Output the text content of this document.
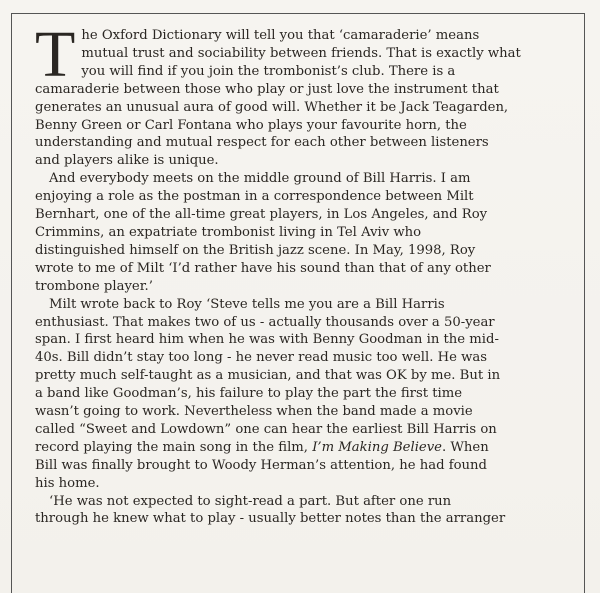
T he Oxford Dictionary will tell you that ‘camaraderie’ means
mutual trust and sociability between friends. That is exactly what
you will find if you join the trombonist’s club. There is a
camaraderie between those who play or just love the instrument that
generates an unusual aura of good will. Whether it be Jack Teagarden,
Benny Green or Carl Fontana who plays your favourite horn, the
understanding and mutual respect for each other between listeners
and players alike is unique.

And everybody meets on the middle ground of Bill Harris. I am
enjoying a role as the postman in a correspondence between Milt
Bernhart, one of the all-time great players, in Los Angeles, and Roy
Crimmins, an expatriate trombonist living in Tel Aviv who
distinguished himself on the British jazz scene. In May, 1998, Roy
wrote to me of Milt ‘I’d rather have his sound than that of any other
trombone player.’

Milt wrote back to Roy ‘Steve tells me you are a Bill Harris
enthusiast. That makes two of us - actually thousands over a 50-year
span. I first heard him when he was with Benny Goodman in the mid-
40s. Bill didn’t stay too long - he never read music too well. He was
pretty much self-taught as a musician, and that was OK by me. But in
a band like Goodman’s, his failure to play the part the first time
wasn’t going to work. Nevertheless when the band made a movie
called “Sweet and Lowdown” one can hear the earliest Bill Harris on
record playing the main song in the film, I’m Making Believe. When
Bill was finally brought to Woody Herman’s attention, he had found
his home.

‘He was not expected to sight-read a part. But after one run
through he knew what to play - usually better notes than the arranger
